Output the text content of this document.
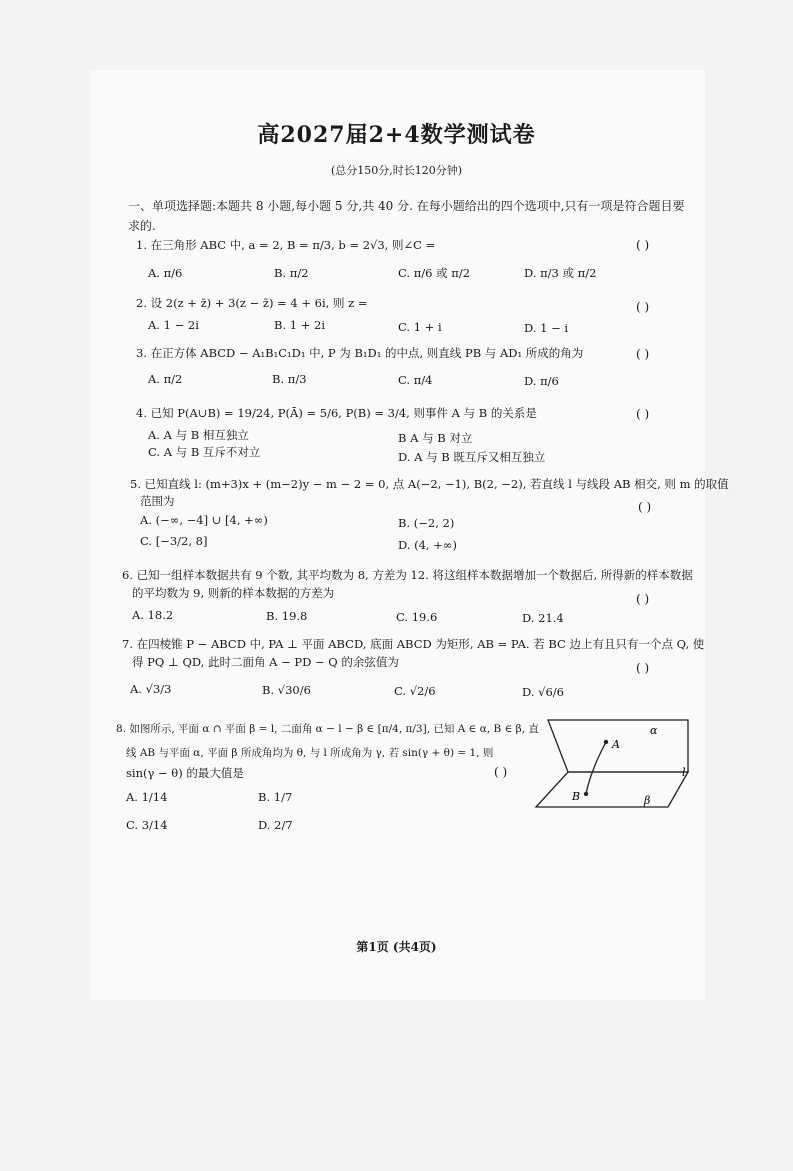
高2027届2+4数学测试卷
(总分150分,时长120分钟)
一、单项选择题:本题共 8 小题,每小题 5 分,共 40 分. 在每小题给出的四个选项中,只有一项是符合题目要求的.
1. 在三角形 ABC 中, a = 2, B = π/3, b = 2√3, 则∠C =	( )
A. π/6	B. π/2	C. π/6 或 π/2	D. π/3 或 π/2
2. 设 2(z + z̄) + 3(z − z̄) = 4 + 6i, 则 z =	( )
A. 1 − 2i	B. 1 + 2i	C. 1 + i	D. 1 − i
3. 在正方体 ABCD − A₁B₁C₁D₁ 中, P 为 B₁D₁ 的中点, 则直线 PB 与 AD₁ 所成的角为	( )
A. π/2	B. π/3	C. π/4	D. π/6
4. 已知 P(A∪B) = 19/24, P(Ā) = 5/6, P(B) = 3/4, 则事件 A 与 B 的关系是	( )
A. A 与 B 相互独立	B A 与 B 对立
C. A 与 B 互斥不对立	D. A 与 B 既互斥又相互独立
5. 已知直线 l: (m+3)x + (m−2)y − m − 2 = 0, 点 A(−2, −1), B(2, −2), 若直线 l 与线段 AB 相交, 则 m 的取值
范围为	( )
A. (−∞, −4] ∪ [4, +∞)	B. (−2, 2)
C. [−3/2, 8]	D. (4, +∞)
6. 已知一组样本数据共有 9 个数, 其平均数为 8, 方差为 12. 将这组样本数据增加一个数据后, 所得新的样本数据
的平均数为 9, 则新的样本数据的方差为	( )
A. 18.2	B. 19.8	C. 19.6	D. 21.4
7. 在四棱锥 P − ABCD 中, PA ⊥ 平面 ABCD, 底面 ABCD 为矩形, AB = PA. 若 BC 边上有且只有一个点 Q, 使
得 PQ ⊥ QD, 此时二面角 A − PD − Q 的余弦值为	( )
A. √3/3	B. √30/6	C. √2/6	D. √6/6
8. 如图所示, 平面 α ∩ 平面 β = l, 二面角 α − l − β ∈ [π/4, π/3], 已知 A ∈ α, B ∈ β, 直
线 AB 与平面 α, 平面 β 所成角均为 θ, 与 l 所成角为 γ, 若 sin(γ + θ) = 1, 则
sin(γ − θ) 的最大值是	( )
A. 1/14	B. 1/7
C. 3/14	D. 2/7
A
B
α
β
l
第1页 (共4页)
